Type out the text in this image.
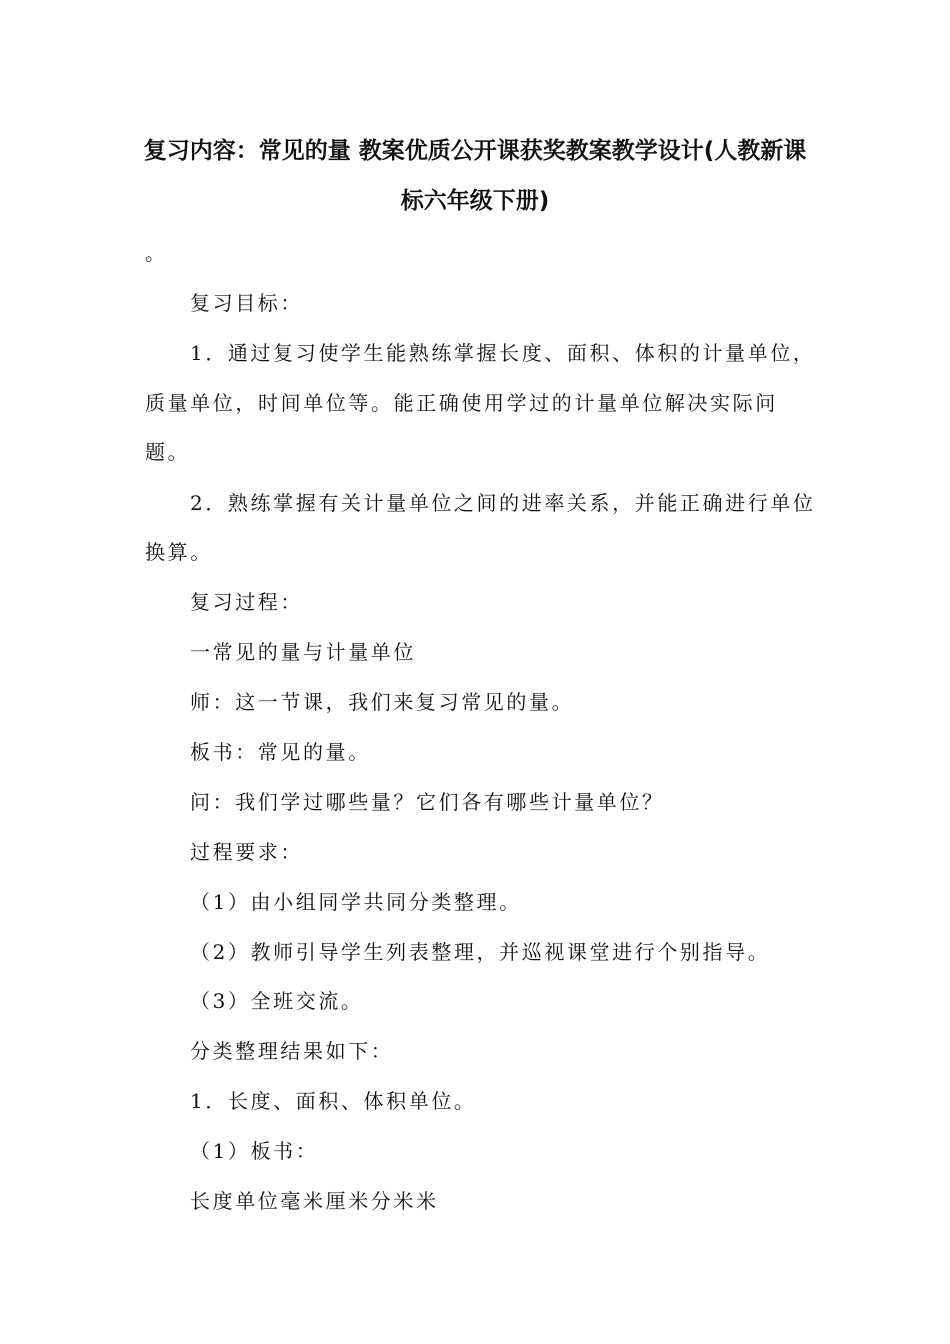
复习内容：常见的量 教案优质公开课获奖教案教学设计(人教新课
标六年级下册)
。
复习目标：
1．通过复习使学生能熟练掌握长度、面积、体积的计量单位，
质量单位，时间单位等。能正确使用学过的计量单位解决实际问
题。
2．熟练掌握有关计量单位之间的进率关系，并能正确进行单位
换算。
复习过程：
一常见的量与计量单位
师：这一节课，我们来复习常见的量。
板书：常见的量。
问：我们学过哪些量？它们各有哪些计量单位？
过程要求：
（1）由小组同学共同分类整理。
（2）教师引导学生列表整理，并巡视课堂进行个别指导。
（3）全班交流。
分类整理结果如下：
1．长度、面积、体积单位。
（1）板书：
长度单位毫米厘米分米米
